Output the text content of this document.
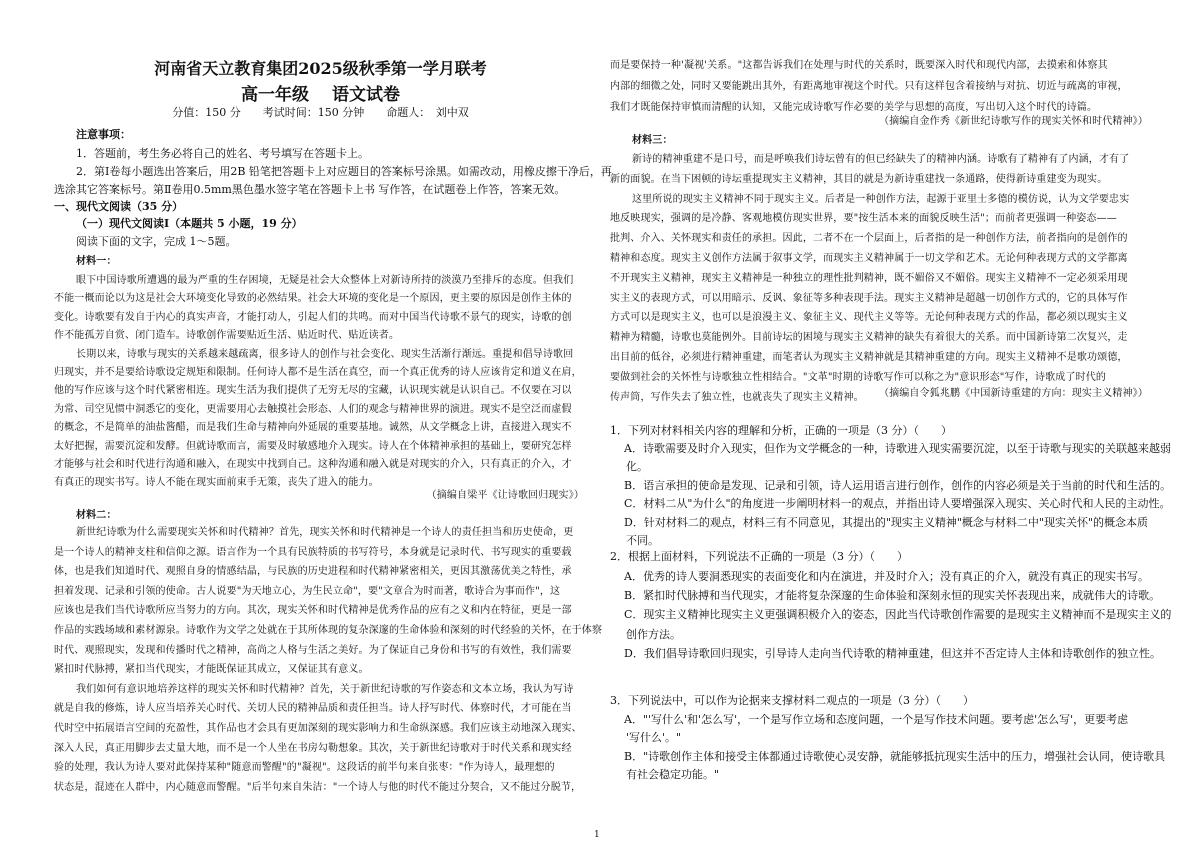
河南省天立教育集团2025级秋季第一学月联考
高一年级　 语文试卷
分值：150 分　　考试时间：150 分钟　　命题人：　刘中双
注意事项：
1．答题前，考生务必将自己的姓名、考号填写在答题卡上。
2．第Ⅰ卷每小题选出答案后，用2B 铅笔把答题卡上对应题目的答案标号涂黑。如需改动，用橡皮擦干净后，再
选涂其它答案标号。第Ⅱ卷用0.5mm黑色墨水签字笔在答题卡上书 写作答，在试题卷上作答，答案无效。
一、现代文阅读（35 分）
（一）现代文阅读Ⅰ（本题共 5 小题，19 分）
阅读下面的文字，完成 1～5题。
材料一：
眼下中国诗歌所遭遇的最为严重的生存困境，无疑是社会大众整体上对新诗所持的淡漠乃至排斥的态度。但我们
不能一概而论以为这是社会大环境变化导致的必然结果。社会大环境的变化是一个原因，更主要的原因是创作主体的
变化。诗歌要有发自于内心的真实声音，才能打动人，引起人们的共鸣。而对中国当代诗歌不景气的现实，诗歌的创
作不能孤芳自赏、闭门造车。诗歌创作需要贴近生活、贴近时代、贴近读者。
长期以来，诗歌与现实的关系越来越疏离，很多诗人的创作与社会变化、现实生活渐行渐远。重提和倡导诗歌回
归现实，并不是要给诗歌设定规矩和限制。任何诗人都不是生活在真空，而一个真正优秀的诗人应该肯定和道义在肩，
他的写作应该与这个时代紧密相连。现实生活为我们提供了无穷无尽的宝藏，认识现实就是认识自己。不仅要在习以
为常、司空见惯中洞悉它的变化，更需要用心去触摸社会形态、人们的观念与精神世界的演进。现实不是空泛而虚假
的概念，不是简单的油盐酱醋，而是我们生命与精神向外延展的重要基地。诚然，从文学概念上讲，直接进入现实不
太好把握，需要沉淀和发酵。但就诗歌而言，需要及时敏感地介入现实。诗人在个体精神承担的基础上，要研究怎样
才能够与社会和时代进行沟通和融入，在现实中找到自己。这种沟通和融入就是对现实的介入，只有真正的介入，才
有真正的现实书写。诗人不能在现实面前束手无策，丧失了进入的能力。
（摘编自梁平《让诗歌回归现实》）
材料二：
新世纪诗歌为什么需要现实关怀和时代精神？首先，现实关怀和时代精神是一个诗人的责任担当和历史使命，更
是一个诗人的精神支柱和信仰之源。语言作为一个具有民族特质的书写符号，本身就是记录时代、书写现实的重要载
体，也是我们知道时代、观照自身的情感结晶，与民族的历史进程和时代精神紧密相关，更因其激荡优美之特性，承
担着发现、记录和引领的使命。古人说要"为天地立心，为生民立命"，要"文章合为时而著，歌诗合为事而作"，这
应该也是我们当代诗歌所应当努力的方向。其次，现实关怀和时代精神是优秀作品的应有之义和内在特征，更是一部
作品的实践场域和素材源泉。诗歌作为文学之处就在于其所体现的复杂深邃的生命体验和深刻的时代经验的关怀，在于体察
时代、观照现实，发现和传播时代之精神，高尚之人格与生活之美好。为了保证自己身份和书写的有效性，我们需要
紧扣时代脉搏，紧扣当代现实，才能既保证其成立，又保证其有意义。
我们如何有意识地培养这样的现实关怀和时代精神？首先，关于新世纪诗歌的写作姿态和文本立场，我认为写诗
就是自我的修炼，诗人应当培养关心时代、关切人民的精神品质和责任担当。诗人抒写时代、体察时代，才可能在当
代时空中拓展语言空间的充盈性，其作品也才会具有更加深刻的现实影响力和生命纵深感。我们应该主动地深入现实、
深入人民，真正用脚步去丈量大地，而不是一个人坐在书房勾勒想象。其次，关于新世纪诗歌对于时代关系和现实经
验的处理，我认为诗人要对此保持某种"随意而警醒"的"凝视"。这段话的前半句来自张枣："作为诗人，最理想的
状态是，混迹在人群中，内心随意而警醒。"后半句来自朱洁："一个诗人与他的时代不能过分契合，又不能过分脱节，
而是要保持一种'凝视'关系。"这都告诉我们在处理与时代的关系时，既要深入时代和现代内部，去摸索和体察其
内部的细微之处，同时又要能跳出其外，有距离地审视这个时代。只有这样包含着接纳与对抗、切近与疏离的审视，
我们才既能保持审慎而清醒的认知，又能完成诗歌写作必要的美学与思想的高度，写出切入这个时代的诗篇。
（摘编自金作秀《新世纪诗歌写作的现实关怀和时代精神》）
材料三：
新诗的精神重建不是口号，而是呼唤我们诗坛曾有的但已经缺失了的精神内涵。诗歌有了精神有了内涵，才有了
新的面貌。在当下困顿的诗坛重提现实主义精神，其目的就是为新诗重建找一条通路，使得新诗重建变为现实。
这里所说的现实主义精神不同于现实主义。后者是一种创作方法，起源于亚里士多德的模仿说，认为文学要忠实
地反映现实，强调的是冷静、客观地模仿现实世界，要"按生活本来的面貌反映生活"；而前者更强调一种姿态——
批判、介入、关怀现实和责任的承担。因此，二者不在一个层面上，后者指的是一种创作方法，前者指向的是创作的
精神和态度。现实主义创作方法属于叙事文学，而现实主义精神属于一切文学和艺术。无论何种表现方式的文学都离
不开现实主义精神，现实主义精神是一种独立的理性批判精神，既不媚俗又不媚俗。现实主义精神不一定必须采用现
实主义的表现方式，可以用暗示、反讽、象征等多种表现手法。现实主义精神是超越一切创作方式的，它的具体写作
方式可以是现实主义，也可以是浪漫主义、象征主义、现代主义等等。无论何种表现方式的作品，都必须以现实主义
精神为精髓，诗歌也莫能例外。目前诗坛的困境与现实主义精神的缺失有着很大的关系。而中国新诗第二次复兴，走
出目前的低谷，必须进行精神重建，而笔者认为现实主义精神就是其精神重建的方向。现实主义精神不是歌功颂德，
要做到社会的关怀性与诗歌独立性相结合。"文革"时期的诗歌写作可以称之为"意识形态"写作，诗歌成了时代的
传声筒，写作失去了独立性，也就丧失了现实主义精神。	（摘编自令狐兆鹏《中国新诗重建的方向：现实主义精神》）
1．下列对材料相关内容的理解和分析，正确的一项是（3 分）（　　）
A．诗歌需要及时介入现实，但作为文学概念的一种，诗歌进入现实需要沉淀，以至于诗歌与现实的关联越来越弱
化。
B．语言承担的使命是发现、记录和引领，诗人运用语言进行创作，创作的内容必须是关于当前的时代和生活的。
C．材料二从"为什么"的角度进一步阐明材料一的观点，并指出诗人要增强深入现实、关心时代和人民的主动性。
D．针对材料二的观点，材料三有不同意见，其提出的"现实主义精神"概念与材料二中"现实关怀"的概念本质
不同。
2．根据上面材料，下列说法不正确的一项是（3 分）（　　）
A．优秀的诗人要洞悉现实的表面变化和内在演进，并及时介入；没有真正的介入，就没有真正的现实书写。
B．紧扣时代脉搏和当代现实，才能将复杂深邃的生命体验和深刻永恒的现实关怀表现出来，成就伟大的诗歌。
C．现实主义精神比现实主义更强调积极介入的姿态，因此当代诗歌创作需要的是现实主义精神而不是现实主义的
创作方法。
D．我们倡导诗歌回归现实，引导诗人走向当代诗歌的精神重建，但这并不否定诗人主体和诗歌创作的独立性。
3．下列说法中，可以作为论据来支撑材料二观点的一项是（3 分）（　　）
A．"'写什么'和'怎么写'，一个是写作立场和态度问题，一个是写作技术问题。要考虑'怎么写'，更要考虑
'写什么'。"
B．"诗歌创作主体和接受主体都通过诗歌使心灵安静，就能够抵抗现实生活中的压力，增强社会认同，使诗歌具
有社会稳定功能。"
1
